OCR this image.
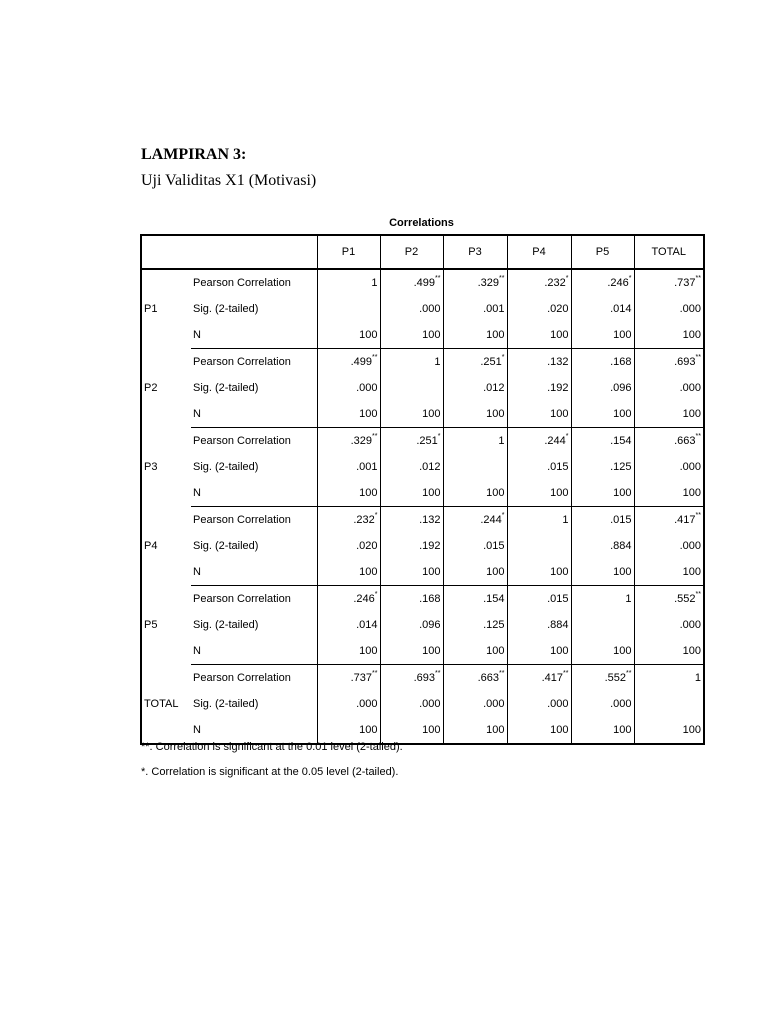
LAMPIRAN 3:
Uji Validitas X1 (Motivasi)
Correlations
		P1	P2	P3	P4	P5	TOTAL
P1	Pearson Correlation	1	.499**	.329**	.232*	.246*	.737**
	Sig. (2-tailed)		.000	.001	.020	.014	.000
	N	100	100	100	100	100	100
P2	Pearson Correlation	.499**	1	.251*	.132	.168	.693**
	Sig. (2-tailed)	.000		.012	.192	.096	.000
	N	100	100	100	100	100	100
P3	Pearson Correlation	.329**	.251*	1	.244*	.154	.663**
	Sig. (2-tailed)	.001	.012		.015	.125	.000
	N	100	100	100	100	100	100
P4	Pearson Correlation	.232*	.132	.244*	1	.015	.417**
	Sig. (2-tailed)	.020	.192	.015		.884	.000
	N	100	100	100	100	100	100
P5	Pearson Correlation	.246*	.168	.154	.015	1	.552**
	Sig. (2-tailed)	.014	.096	.125	.884		.000
	N	100	100	100	100	100	100
TOTAL	Pearson Correlation	.737**	.693**	.663**	.417**	.552**	1
	Sig. (2-tailed)	.000	.000	.000	.000	.000	
	N	100	100	100	100	100	100
**. Correlation is significant at the 0.01 level (2-tailed).
*. Correlation is significant at the 0.05 level (2-tailed).
